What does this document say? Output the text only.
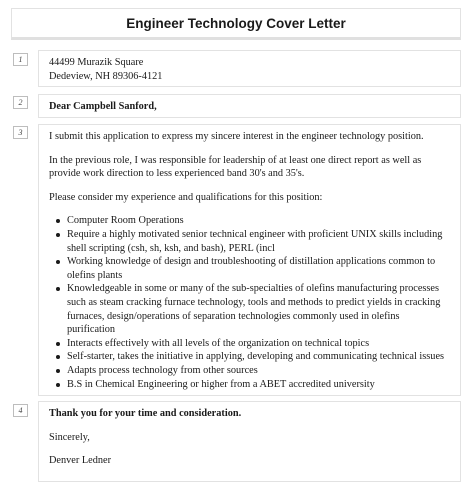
Engineer Technology Cover Letter
1	44499 Murazik Square

Dedeview, NH 89306-4121

2	Dear Campbell Sanford,

3	I submit this application to express my sincere interest in the engineer technology position.

In the previous role, I was responsible for leadership of at least one direct report as well as provide work direction to less experienced band 30's and 35's.

Please consider my experience and qualifications for this position:

Computer Room Operations
Require a highly motivated senior technical engineer with proficient UNIX skills including shell scripting (csh, sh, ksh, and bash), PERL (incl
Working knowledge of design and troubleshooting of distillation applications common to olefins plants
Knowledgeable in some or many of the sub-specialties of olefins manufacturing processes such as steam cracking furnace technology, tools and methods to predict yields in cracking furnaces, design/operations of separation technologies commonly used in olefins purification
Interacts effectively with all levels of the organization on technical topics
Self-starter, takes the initiative in applying, developing and communicating technical issues
Adapts process technology from other sources
B.S in Chemical Engineering or higher from a ABET accredited university
4	Thank you for your time and consideration.

Sincerely,

Denver Ledner
